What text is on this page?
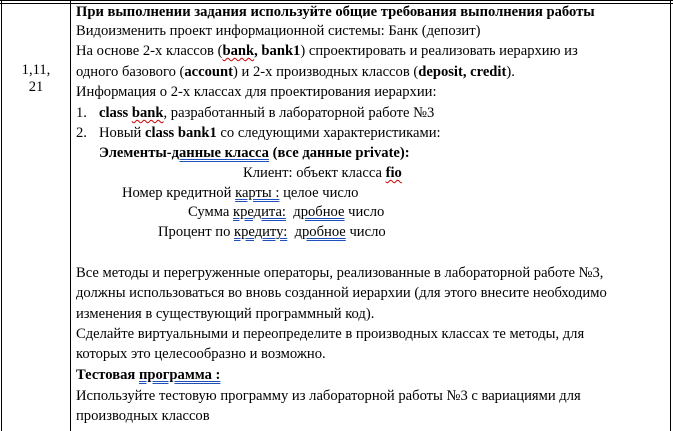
1,11,
21
При выполнении задания используйте общие требования выполнения работы
Видоизменить проект информационной системы: Банк (депозит)
На основе 2-х классов (bank, bank1) спроектировать и реализовать иерархию из
одного базового (account) и 2-х производных классов (deposit, credit).
Информация о 2-х классах для проектирования иерархии:
1. class bank, разработанный в лабораторной работе №3
2. Новый class bank1 со следующими характеристиками:
Элементы-данные класса (все данные private):
Клиент: объект класса fio
Номер кредитной карты : целое число
Сумма кредита: дробное число
Процент по кредиту: дробное число
Все методы и перегруженные операторы, реализованные в лабораторной работе №3,
должны использоваться во вновь созданной иерархии (для этого внесите необходимо
изменения в существующий программный код).
Сделайте виртуальными и переопределите в производных классах те методы, для
которых это целесообразно и возможно.
Тестовая программа :
Используйте тестовую программу из лабораторной работы №3 с вариациями для
производных классов
